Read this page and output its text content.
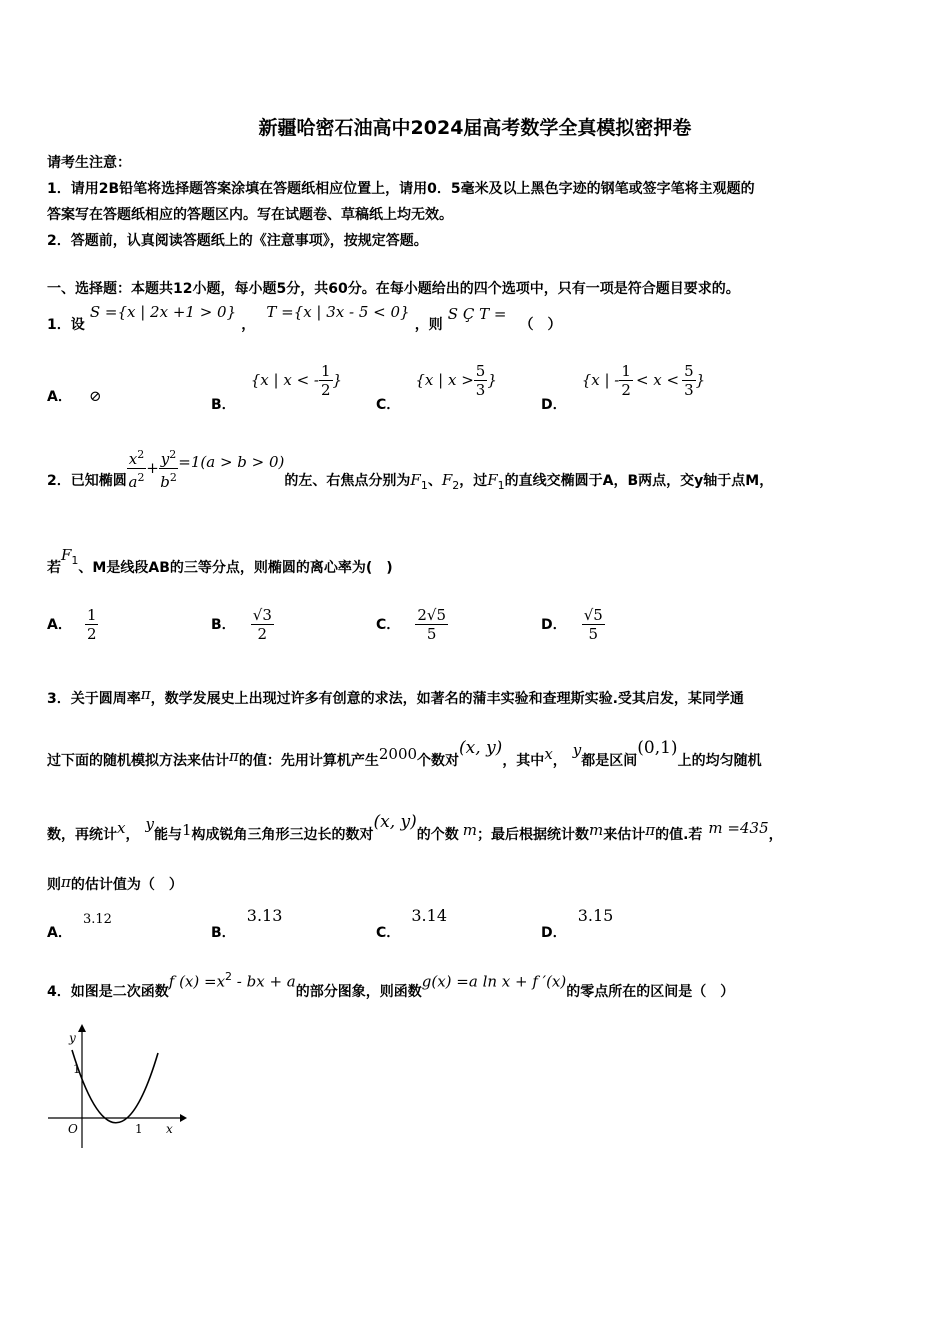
新疆哈密石油高中2024届高考数学全真模拟密押卷
请考生注意：
1．请用2B铅笔将选择题答案涂填在答题纸相应位置上，请用0．5毫米及以上黑色字迹的钢笔或签字笔将主观题的
答案写在答题纸相应的答题区内。写在试题卷、草稿纸上均无效。
2．答题前，认真阅读答题纸上的《注意事项》，按规定答题。
一、选择题：本题共12小题，每小题5分，共60分。在每小题给出的四个选项中，只有一项是符合题目要求的。
1．设 S ={x | 2x +1 > 0} ， T ={x | 3x - 5 < 0} ，则 S Ç T = （　）
A． ⊘	B． {x | x < - $\frac{1}{2}$ }
C． {x | $x > \frac{5}{3}$ }
D． {x | - $\frac{1}{2} < x < \frac{5}{3}$ }
2．已知椭圆 $\frac{x^2}{a^2} + \frac{y^2}{b^2} =1(a > b > 0)$的左、右焦点分别为$F_1$、$F_2$，过$F_1$的直线交椭圆于A，B两点，交y轴于点M，
若$F_1$、M是线段AB的三等分点，则椭圆的离心率为(　)
A． $\frac{1}{2}$	B． $\frac{√3}{2}$	C． $\frac{2√5}{5}$	D． $\frac{√5}{5}$
3．关于圆周率π，数学发展史上出现过许多有创意的求法，如著名的蒲丰实验和查理斯实验.受其启发，某同学通
过下面的随机模拟方法来估计π的值：先用计算机产生2000个数对(x, y)，其中x，y都是区间(0,1)上的均匀随机
数，再统计x，y能与1构成锐角三角形三边长的数对(x, y)的个数 m；最后根据统计数m来估计π的值.若 m =435，
则π的估计值为（　）
A． 3.12
B． 3.13
C． 3.14
D． 3.15
4．如图是二次函数f $(x) =x^2$ - bx + a的部分图象，则函数g(x) =a ln x + f ′(x)的零点所在的区间是（　）
y
x
O
1
1
